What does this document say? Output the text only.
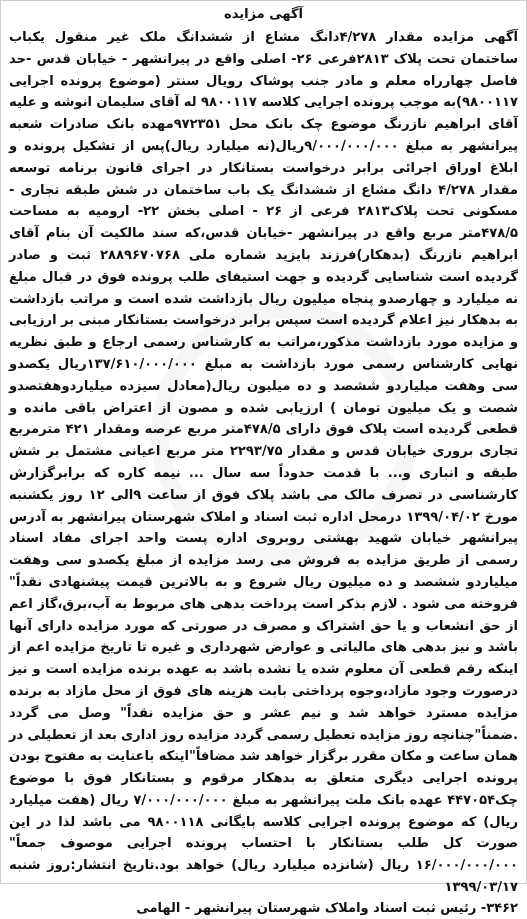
آگهی مزایده

آگهی مزایده مقدار ۴/۲۷۸دانگ مشاع از ششدانگ ملک غیر منقول یکباب ساختمان تحت پلاک ۲۸۱۳فرعی ۲۶- اصلی واقع در پیرانشهر - خیابان قدس -حد فاصل چهارراه معلم و مادر جنب پوشاک رویال سنتر (موضوع پرونده اجرایی ۹۸۰۰۱۱۷)به موجب پرونده اجرایی کلاسه ۹۸۰۰۱۱۷ له آقای سلیمان انوشه و علیه آقای ابراهیم نازرنگ موضوع چک بانک محل ۹۷۲۳۵۱مهده بانک صادرات شعبه پیرانشهر به مبلغ ۹/۰۰۰/۰۰۰/۰۰۰ریال(نه میلیارد ریال)پس از تشکیل پرونده و ابلاغ اوراق اجرائی برابر درخواست بستانکار در اجرای قانون برنامه توسعه مقدار ۴/۲۷۸ دانگ مشاع از ششدانگ یک باب ساختمان در شش طبقه تجاری - مسکونی تحت پلاک۲۸۱۳ فرعی از ۲۶ - اصلی بخش ۲۲- ارومیه به مساحت ۴۷۸/۵متر مربع واقع در پیرانشهر -خیابان قدس،که سند مالکیت آن بنام آقای ابراهیم نازرنگ (بدهکار)فرزند بایزید شماره ملی ۲۸۸۹۶۷۰۷۶۸ ثبت و صادر گردیده است شناسایی گردیده و جهت استیفای طلب پرونده فوق در قبال مبلغ نه میلیارد و چهارصدو پنجاه میلیون ریال بازداشت شده است و مراتب بازداشت به بدهکار نیز اعلام گردیده است سپس برابر درخواست بستانکار مبنی بر ارزیابی و مزایده مورد بازداشت مذکور،مراتب به کارشناس رسمی ارجاع و طبق نظریه نهایی کارشناس رسمی مورد بازداشت به مبلغ ۱۳۷/۶۱۰/۰۰۰/۰۰۰ریال یکصدو سی وهفت میلیاردو ششصد و ده میلیون ریال(معادل سیزده میلیاردوهفتصدو شصت و یک میلیون تومان ) ارزیابی شده و مصون از اعتراض باقی مانده و قطعی گردیده است پلاک فوق دارای ۴۷۸/۵متر مربع عرصه ومقدار ۴۲۱ مترمربع تجاری بروری خیابان قدس و مقدار ۲۲۹۳/۷۵ متر مربع اعیانی مشتمل بر شش طبقه و انباری و... با قدمت حدوداً سه سال ... نیمه کاره که برابرگزارش کارشناسی در تصرف مالک می باشد پلاک فوق از ساعت ۹الی ۱۲ روز یکشنبه مورخ ۱۳۹۹/۰۴/۰۲ درمحل اداره ثبت اسناد و املاک شهرستان پیرانشهر به آدرس پیرانشهر خیابان شهید بهشتی روبروی اداره پست واحد اجرای مفاد اسناد رسمی از طریق مزایده به فروش می رسد مزایده از مبلغ یکصدو سی وهفت میلیاردو ششصد و ده میلیون ریال شروع و به بالاترین قیمت پیشنهادی نقداً" فروخته می شود . لازم بذکر است پرداخت بدهی های مربوط به آب،برق،گاز اعم از حق انشعاب و یا حق اشتراک و مصرف در صورتی که مورد مزایده دارای آنها باشد و نیز بدهی های مالیاتی و عوارض شهرداری و غیره تا تاریخ مزایده اعم از اینکه رقم قطعی آن معلوم شده یا نشده باشد به عهده برنده مزایده است و نیز درصورت وجود مازاد،وجوه پرداختی بابت هزینه های فوق از محل مازاد به برنده مزایده مسترد خواهد شد و نیم عشر و حق مزایده نقداً" وصل می گردد .ضمناً"چنانچه روز مزایده تعطیل رسمی گردد مزایده روز اداری بعد از تعطیلی در همان ساعت و مکان مقرر برگزار خواهد شد مضافاً"اینکه باعنایت به مفتوح بودن پرونده اجرایی دیگری متعلق به بدهکار مرقوم و بستانکار فوق با موضوع چک۴۴۷۰۵۴ عهده بانک ملت پیرانشهر به مبلغ ۷/۰۰۰/۰۰۰/۰۰۰ ریال (هفت میلیارد ریال) که موضوع پرونده اجرایی کلاسه بایگانی ۹۸۰۰۱۱۸ می باشد لذا در این صورت کل طلب بستانکار با احتساب پرونده اجرایی موصوف جمعاً" ۱۶/۰۰۰/۰۰۰/۰۰۰ ریال (شانزده میلیارد ریال) خواهد بود.تاریخ انتشار:روز شنبه ۱۳۹۹/۰۳/۱۷

۳۴۶۲- رئیس ثبت اسناد واملاک شهرستان پیرانشهر - الهامی
